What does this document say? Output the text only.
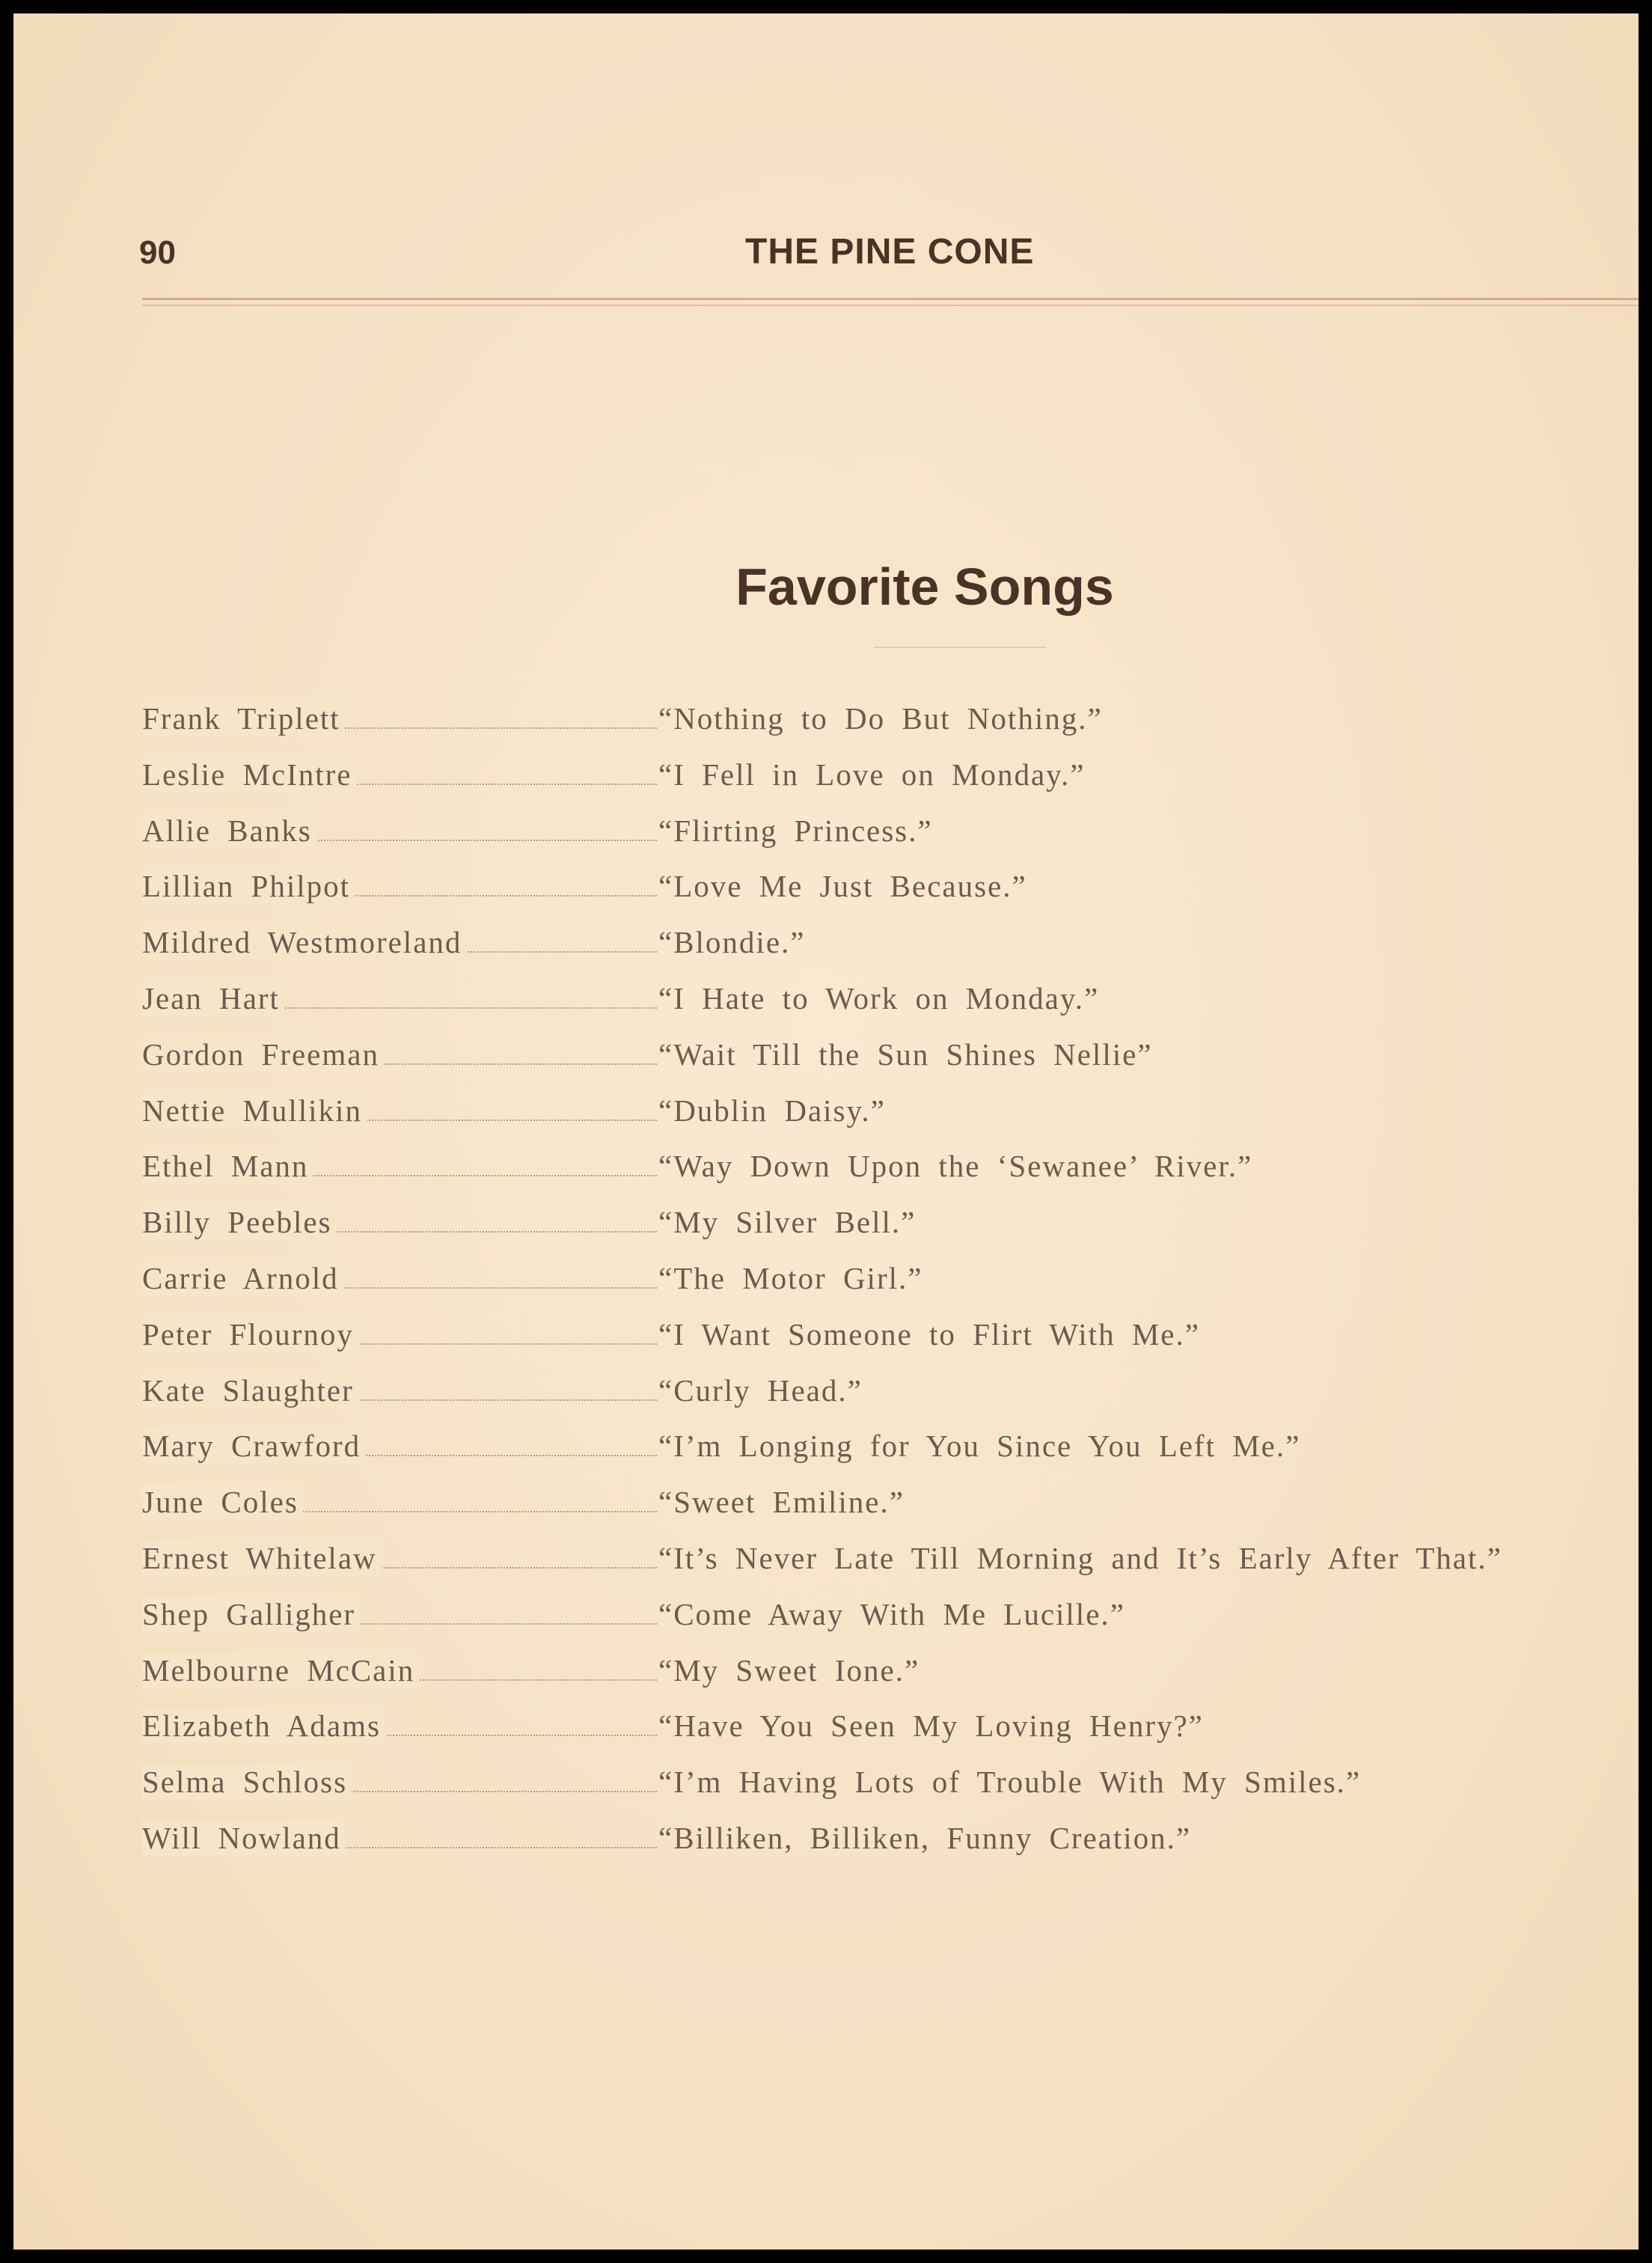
90	THE PINE CONE
Favorite Songs
Frank Triplett	“Nothing to Do But Nothing.”
Leslie McIntre	“I Fell in Love on Monday.”
Allie Banks	“Flirting Princess.”
Lillian Philpot	“Love Me Just Because.”
Mildred Westmoreland	“Blondie.”
Jean Hart	“I Hate to Work on Monday.”
Gordon Freeman	“Wait Till the Sun Shines Nellie”
Nettie Mullikin	“Dublin Daisy.”
Ethel Mann	“Way Down Upon the ‘Sewanee’ River.”
Billy Peebles	“My Silver Bell.”
Carrie Arnold	“The Motor Girl.”
Peter Flournoy	“I Want Someone to Flirt With Me.”
Kate Slaughter	“Curly Head.”
Mary Crawford	“I’m Longing for You Since You Left Me.”
June Coles	“Sweet Emiline.”
Ernest Whitelaw	“It’s Never Late Till Morning and It’s Early After That.”
Shep Galligher	“Come Away With Me Lucille.”
Melbourne McCain	“My Sweet Ione.”
Elizabeth Adams	“Have You Seen My Loving Henry?”
Selma Schloss	“I’m Having Lots of Trouble With My Smiles.”
Will Nowland	“Billiken, Billiken, Funny Creation.”
